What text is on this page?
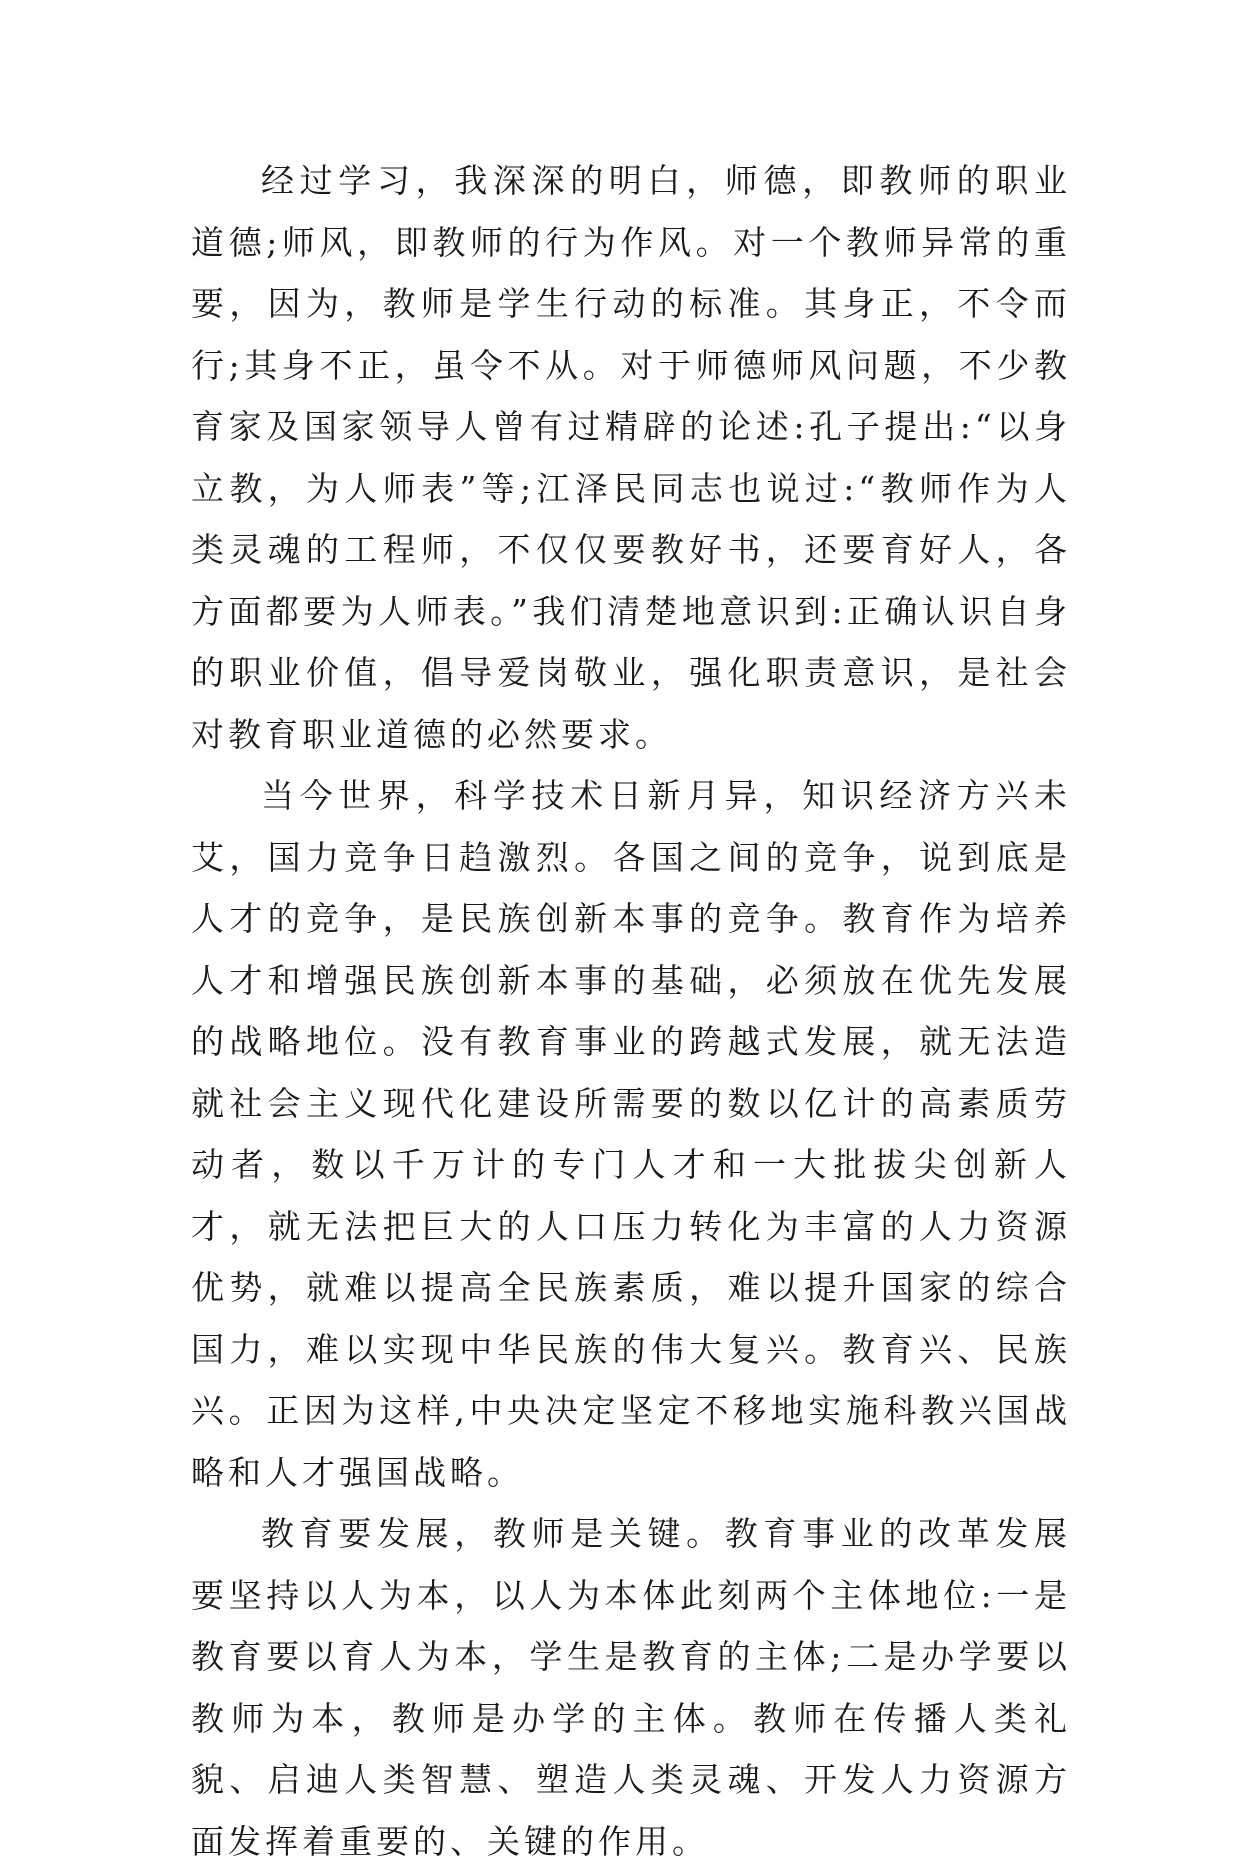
经过学习，我深深的明白，师德，即教师的职业道德;师风，即教师的行为作风。对一个教师异常的重要，因为，教师是学生行动的标准。其身正，不令而行;其身不正，虽令不从。对于师德师风问题，不少教育家及国家领导人曾有过精辟的论述:孔子提出:“以身立教，为人师表”等;江泽民同志也说过:“教师作为人类灵魂的工程师，不仅仅要教好书，还要育好人，各方面都要为人师表。”我们清楚地意识到:正确认识自身的职业价值，倡导爱岗敬业，强化职责意识，是社会对教育职业道德的必然要求。

当今世界，科学技术日新月异，知识经济方兴未艾，国力竞争日趋激烈。各国之间的竞争，说到底是人才的竞争，是民族创新本事的竞争。教育作为培养人才和增强民族创新本事的基础，必须放在优先发展的战略地位。没有教育事业的跨越式发展，就无法造就社会主义现代化建设所需要的数以亿计的高素质劳动者，数以千万计的专门人才和一大批拔尖创新人才，就无法把巨大的人口压力转化为丰富的人力资源优势，就难以提高全民族素质，难以提升国家的综合国力，难以实现中华民族的伟大复兴。教育兴、民族兴。正因为这样,中央决定坚定不移地实施科教兴国战略和人才强国战略。

教育要发展，教师是关键。教育事业的改革发展要坚持以人为本，以人为本体此刻两个主体地位:一是教育要以育人为本，学生是教育的主体;二是办学要以教师为本，教师是办学的主体。教师在传播人类礼貌、启迪人类智慧、塑造人类灵魂、开发人力资源方面发挥着重要的、关键的作用。
